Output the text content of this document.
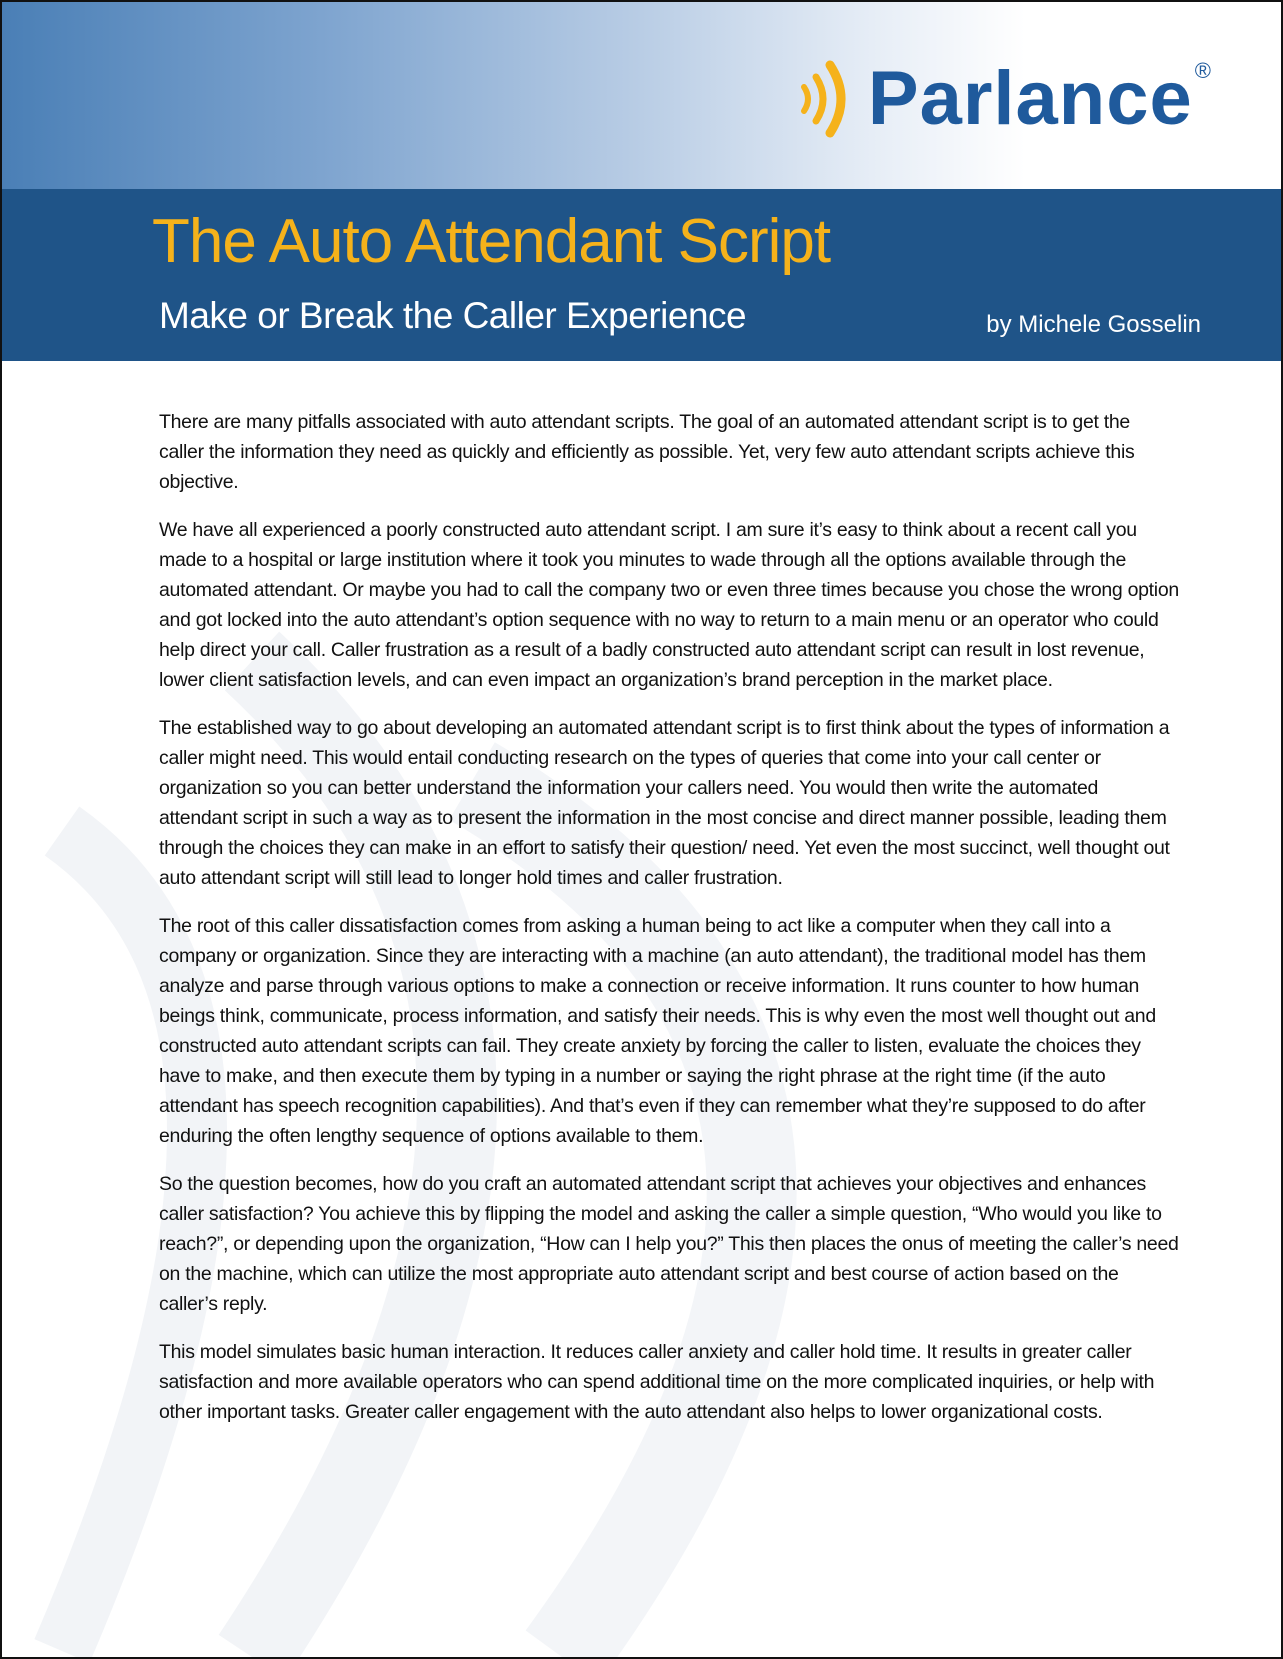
Parlance ®
The Auto Attendant Script
Make or Break the Caller Experience	by Michele Gosselin

There are many pitfalls associated with auto attendant scripts. The goal of an automated attendant script is to get the caller the information they need as quickly and efficiently as possible. Yet, very few auto attendant scripts achieve this objective.

We have all experienced a poorly constructed auto attendant script. I am sure it’s easy to think about a recent call you made to a hospital or large institution where it took you minutes to wade through all the options available through the automated attendant. Or maybe you had to call the company two or even three times because you chose the wrong option and got locked into the auto attendant’s option sequence with no way to return to a main menu or an operator who could help direct your call. Caller frustration as a result of a badly constructed auto attendant script can result in lost revenue, lower client satisfaction levels, and can even impact an organization’s brand perception in the market place.

The established way to go about developing an automated attendant script is to first think about the types of information a caller might need. This would entail conducting research on the types of queries that come into your call center or organization so you can better understand the information your callers need. You would then write the automated attendant script in such a way as to present the information in the most concise and direct manner possible, leading them through the choices they can make in an effort to satisfy their question/ need. Yet even the most succinct, well thought out auto attendant script will still lead to longer hold times and caller frustration.

The root of this caller dissatisfaction comes from asking a human being to act like a computer when they call into a company or organization. Since they are interacting with a machine (an auto attendant), the traditional model has them analyze and parse through various options to make a connection or receive information. It runs counter to how human beings think, communicate, process information, and satisfy their needs. This is why even the most well thought out and constructed auto attendant scripts can fail. They create anxiety by forcing the caller to listen, evaluate the choices they have to make, and then execute them by typing in a number or saying the right phrase at the right time (if the auto attendant has speech recognition capabilities). And that’s even if they can remember what they’re supposed to do after enduring the often lengthy sequence of options available to them.

So the question becomes, how do you craft an automated attendant script that achieves your objectives and enhances caller satisfaction? You achieve this by flipping the model and asking the caller a simple question, “Who would you like to reach?”, or depending upon the organization, “How can I help you?” This then places the onus of meeting the caller’s need on the machine, which can utilize the most appropriate auto attendant script and best course of action based on the caller’s reply.

This model simulates basic human interaction. It reduces caller anxiety and caller hold time. It results in greater caller satisfaction and more available operators who can spend additional time on the more complicated inquiries, or help with other important tasks. Greater caller engagement with the auto attendant also helps to lower organizational costs.
